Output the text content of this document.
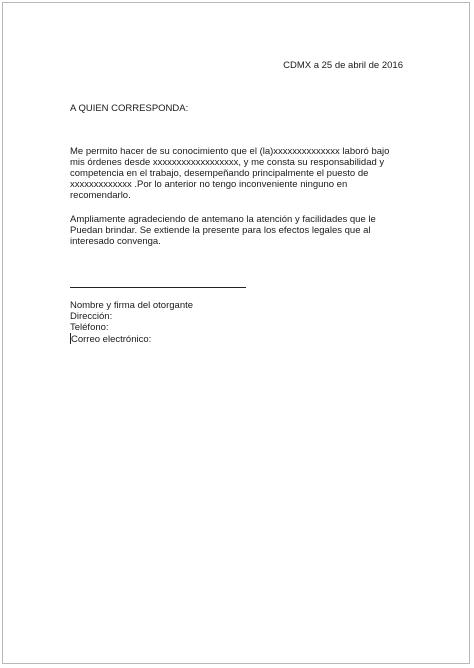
CDMX a 25 de abril de 2016
A QUIEN CORRESPONDA:
Me permito hacer de su conocimiento que el (la)xxxxxxxxxxxxxx laboró bajo
mis órdenes desde xxxxxxxxxxxxxxxxxx, y me consta su responsabilidad y
competencia en el trabajo, desempeñando principalmente el puesto de
xxxxxxxxxxxxx .Por lo anterior no tengo inconveniente ninguno en
recomendarlo.
Ampliamente agradeciendo de antemano la atención y facilidades que le
Puedan brindar. Se extiende la presente para los efectos legales que al
interesado convenga.
Nombre y firma del otorgante
Dirección:
Teléfono:
Correo electrónico:
